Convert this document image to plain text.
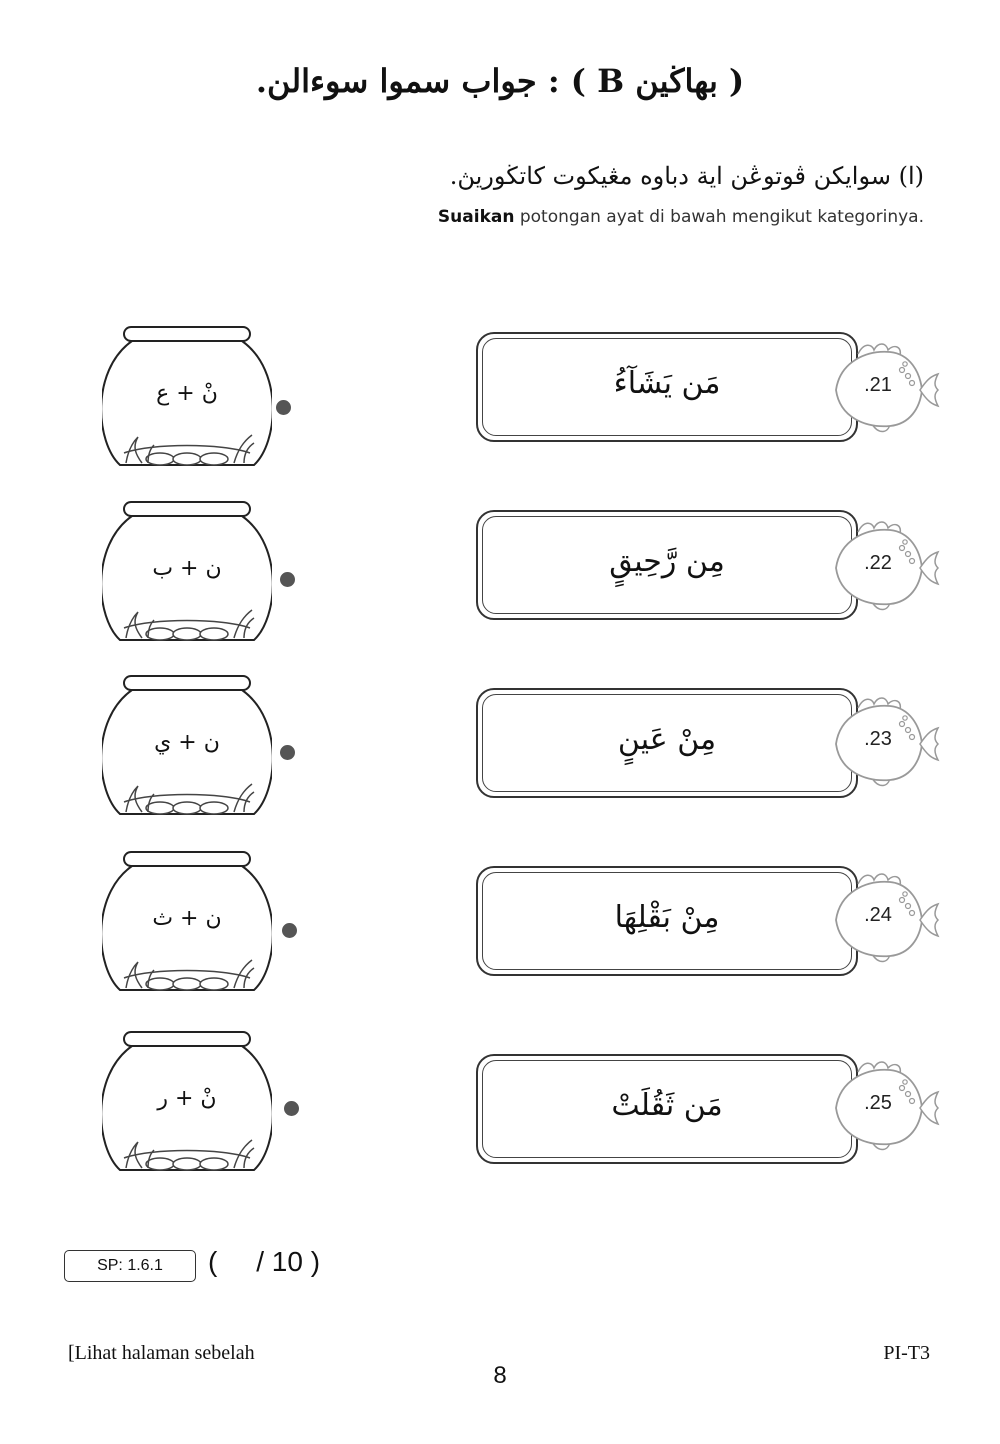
( بهاڬين B ) : جواب سموا سوءالن.
(ا) سوايکن ڤوتوڠن اية دباوه مڠيکوت کاتڬوريڽ.
Suaikan potongan ayat di bawah mengikut kategorinya.
نْ + ع
ن + ب
ن + ي
ن + ث
نْ + ر
مَن يَشَآءُ	.21
مِن رَّحِيقٍ	.22
مِنْ عَينٍ	.23
مِنْ بَقْلِهَا	.24
مَن ثَقُلَتْ	.25
SP: 1.6.1	(     / 10 )
[Lihat halaman sebelah	PI-T3
8
